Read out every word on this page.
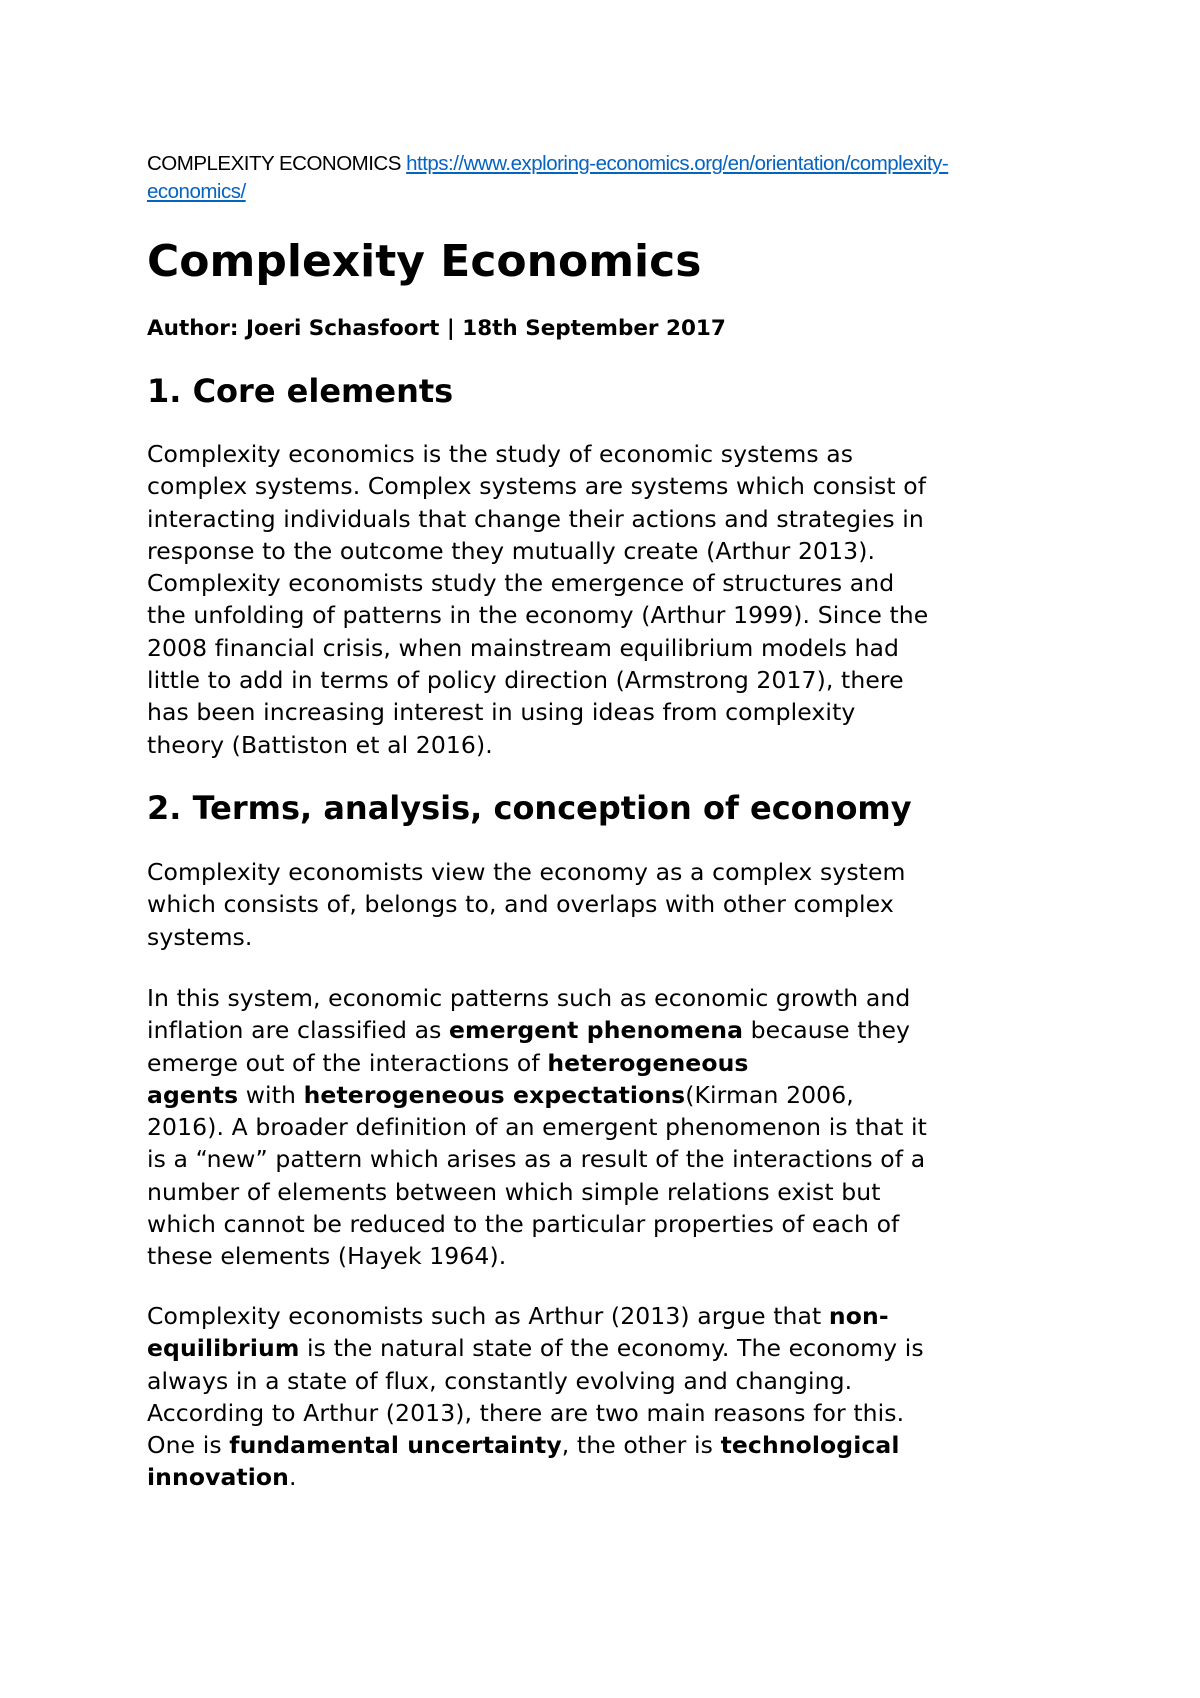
COMPLEXITY ECONOMICS https://www.exploring-economics.org/en/orientation/complexity-
economics/
Complexity Economics

Author: Joeri Schasfoort | 18th September 2017

1. Core elements

Complexity economics is the study of economic systems as
complex systems. Complex systems are systems which consist of
interacting individuals that change their actions and strategies in
response to the outcome they mutually create (Arthur 2013).
Complexity economists study the emergence of structures and
the unfolding of patterns in the economy (Arthur 1999). Since the
2008 financial crisis, when mainstream equilibrium models had
little to add in terms of policy direction (Armstrong 2017), there
has been increasing interest in using ideas from complexity
theory (Battiston et al 2016).

2. Terms, analysis, conception of economy

Complexity economists view the economy as a complex system
which consists of, belongs to, and overlaps with other complex
systems.

In this system, economic patterns such as economic growth and
inflation are classified as emergent phenomena because they
emerge out of the interactions of heterogeneous
agents with heterogeneous expectations(Kirman 2006,
2016). A broader definition of an emergent phenomenon is that it
is a “new” pattern which arises as a result of the interactions of a
number of elements between which simple relations exist but
which cannot be reduced to the particular properties of each of
these elements (Hayek 1964).

Complexity economists such as Arthur (2013) argue that non-
equilibrium is the natural state of the economy. The economy is
always in a state of flux, constantly evolving and changing.
According to Arthur (2013), there are two main reasons for this.
One is fundamental uncertainty, the other is technological
innovation.
